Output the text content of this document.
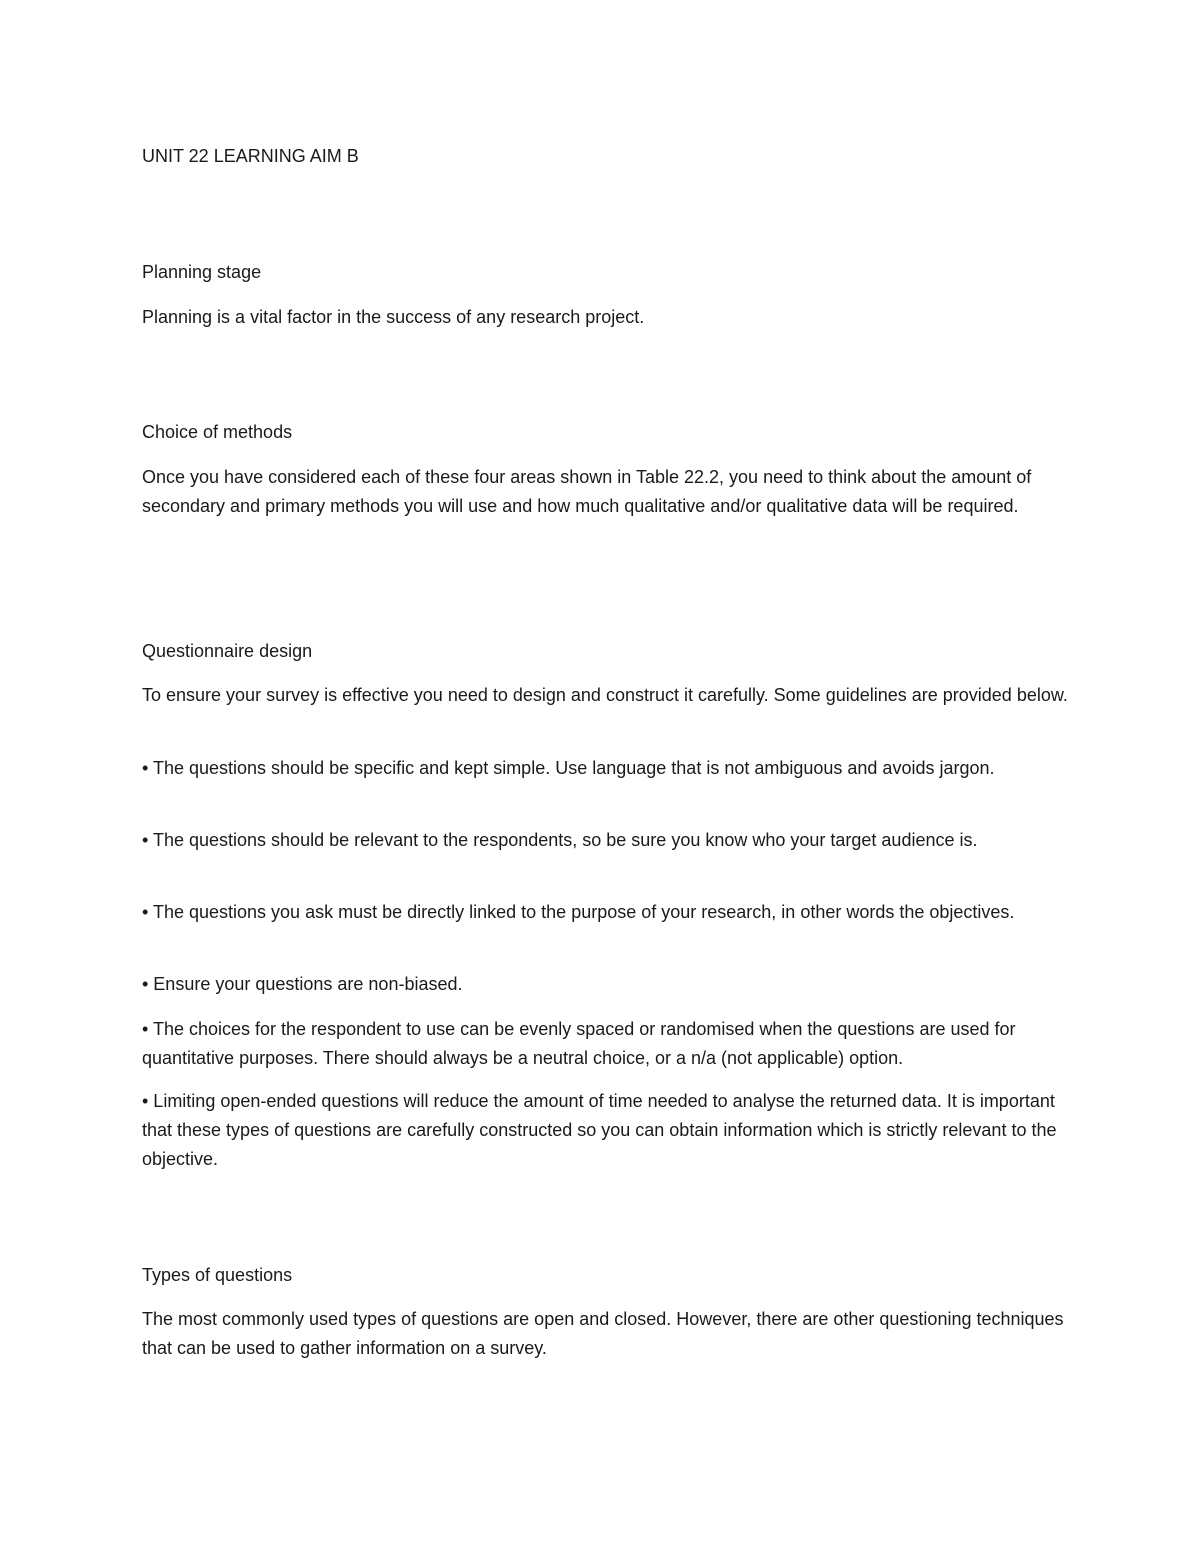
UNIT 22 LEARNING AIM B
Planning stage
Planning is a vital factor in the success of any research project.
Choice of methods
Once you have considered each of these four areas shown in Table 22.2, you need to think about the amount of secondary and primary methods you will use and how much qualitative and/or qualitative data will be required.
Questionnaire design
To ensure your survey is effective you need to design and construct it carefully. Some guidelines are provided below.
• The questions should be specific and kept simple. Use language that is not ambiguous and avoids jargon.
• The questions should be relevant to the respondents, so be sure you know who your target audience is.
• The questions you ask must be directly linked to the purpose of your research, in other words the objectives.
• Ensure your questions are non-biased.
• The choices for the respondent to use can be evenly spaced or randomised when the questions are used for quantitative purposes. There should always be a neutral choice, or a n/a (not applicable) option.
• Limiting open-ended questions will reduce the amount of time needed to analyse the returned data. It is important that these types of questions are carefully constructed so you can obtain information which is strictly relevant to the objective.
Types of questions
The most commonly used types of questions are open and closed. However, there are other questioning techniques that can be used to gather information on a survey.
